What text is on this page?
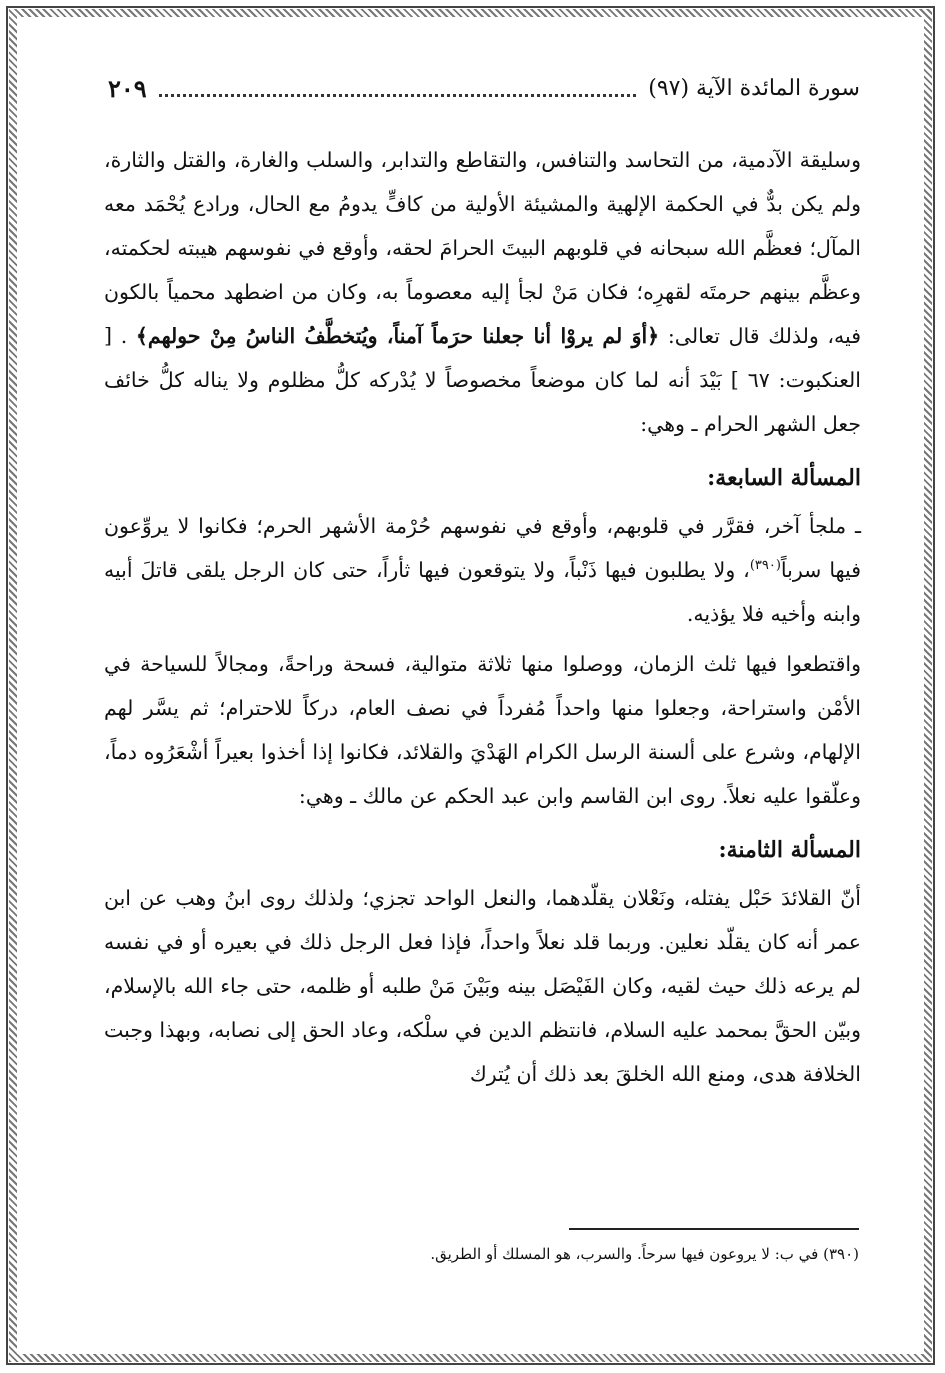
سورة المائدة الآية (٩٧)
٢٠٩

وسليقة الآدمية، من التحاسد والتنافس، والتقاطع والتدابر، والسلب والغارة، والقتل والثارة، ولم يكن بدٌّ في الحكمة الإلهية والمشيئة الأولية من كافٍّ يدومُ مع الحال، ورادع يُحْمَد معه المآل؛ فعظَّم الله سبحانه في قلوبهم البيتَ الحرامَ لحقه، وأوقع في نفوسهم هيبته لحكمته، وعظَّم بينهم حرمتَه لقهرِه؛ فكان مَنْ لجأ إليه معصوماً به، وكان من اضطهد محمياً بالكون فيه، ولذلك قال تعالى: ﴿أوَ لم يروْا أنا جعلنا حرَماً آمناً، ويُتخطَّفُ الناسُ مِنْ حولهم﴾ . [ العنكبوت: ٦٧ ] بَيْدَ أنه لما كان موضعاً مخصوصاً لا يُدْركه كلُّ مظلوم ولا يناله كلُّ خائف جعل الشهر الحرام ـ وهي:

المسألة السابعة:

ـ ملجأ آخر، فقرَّر في قلوبهم، وأوقع في نفوسهم حُرْمة الأشهر الحرم؛ فكانوا لا يروِّعون فيها سرباً$^{(٣٩٠)}$، ولا يطلبون فيها ذَنْباً، ولا يتوقعون فيها ثأراً، حتى كان الرجل يلقى قاتلَ أبيه وابنه وأخيه فلا يؤذيه.

واقتطعوا فيها ثلث الزمان، ووصلوا منها ثلاثة متوالية، فسحة وراحةً، ومجالاً للسياحة في الأمْن واستراحة، وجعلوا منها واحداً مُفرداً في نصف العام، دركاً للاحترام؛ ثم يسَّر لهم الإلهام، وشرع على ألسنة الرسل الكرام الهَدْيَ والقلائد، فكانوا إذا أخذوا بعيراً أشْعَرُوه دماً، وعلّقوا عليه نعلاً. روى ابن القاسم وابن عبد الحكم عن مالك ـ وهي:

المسألة الثامنة:

أنّ القلائدَ حَبْل يفتله، ونَعْلان يقلّدهما، والنعل الواحد تجزي؛ ولذلك روى ابنُ وهب عن ابن عمر أنه كان يقلّد نعلين. وربما قلد نعلاً واحداً، فإذا فعل الرجل ذلك في بعيره أو في نفسه لم يرعه ذلك حيث لقيه، وكان الفَيْصَل بينه وبَيْنَ مَنْ طلبه أو ظلمه، حتى جاء الله بالإسلام، وبيّن الحقَّ بمحمد عليه السلام، فانتظم الدين في سلْكه، وعاد الحق إلى نصابه، وبهذا وجبت الخلافة هدى، ومنع الله الخلقَ بعد ذلك أن يُترك

(٣٩٠) في ب: لا يروعون فيها سرحاً. والسرب، هو المسلك أو الطريق.
